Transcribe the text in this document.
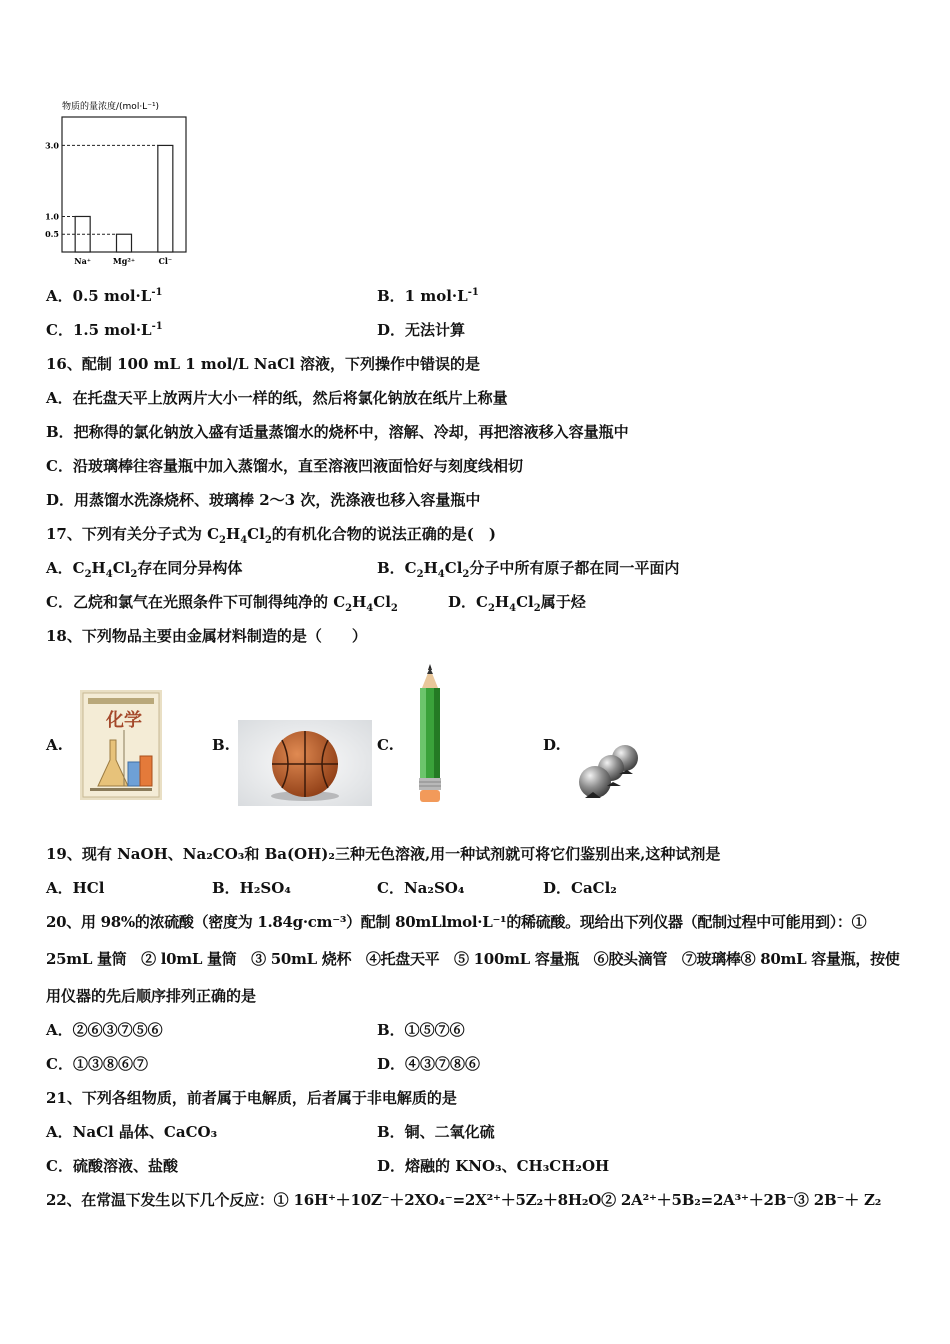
物质的量浓度/(mol·L⁻¹)
Na⁺	Mg²⁺	Cl⁻
0.5
1.0
3.0
A．0.5 $mol\cdot L^{-1}$	B．1 $mol\cdot L^{-1}$
C．1.5 $mol\cdot L^{-1}$	D．无法计算
16、配制 100 mL 1 mol/L NaCl 溶液，下列操作中错误的是
A．在托盘天平上放两片大小一样的纸，然后将氯化钠放在纸片上称量
B．把称得的氯化钠放入盛有适量蒸馏水的烧杯中，溶解、冷却，再把溶液移入容量瓶中
C．沿玻璃棒往容量瓶中加入蒸馏水，直至溶液凹液面恰好与刻度线相切
D．用蒸馏水洗涤烧杯、玻璃棒 2～3 次，洗涤液也移入容量瓶中
17、下列有关分子式为 $C_2H_4Cl_2$的有机化合物的说法正确的是(　)
A．$C_2H_4Cl_2$存在同分异构体	B．$C_2H_4Cl_2$分子中所有原子都在同一平面内
C．乙烷和氯气在光照条件下可制得纯净的 $C_2H_4Cl_2$	D．$C_2H_4Cl_2$属于烃
18、下列物品主要由金属材料制造的是（　　）
A.	B.	C.	D.
化学
19、现有 NaOH、Na₂CO₃和 Ba(OH)₂三种无色溶液,用一种试剂就可将它们鉴别出来,这种试剂是
A．HCl	B．H₂SO₄	C．Na₂SO₄	D．CaCl₂
20、用 98%的浓硫酸（密度为 1.84g·cm⁻³）配制 80mLlmol·L⁻¹的稀硫酸。现给出下列仪器（配制过程中可能用到）：①
25mL 量筒　② l0mL 量筒　③ 50mL 烧杯　④托盘天平　⑤ 100mL 容量瓶　⑥胶头滴管　⑦玻璃棒⑧ 80mL 容量瓶，按使
用仪器的先后顺序排列正确的是
A．②⑥③⑦⑤⑥	B．①⑤⑦⑥
C．①③⑧⑥⑦	D．④③⑦⑧⑥
21、下列各组物质，前者属于电解质，后者属于非电解质的是
A．NaCl 晶体、CaCO₃	B．铜、二氧化硫
C．硫酸溶液、盐酸	D．熔融的 KNO₃、CH₃CH₂OH
22、在常温下发生以下几个反应：① 16H⁺＋10Z⁻＋2XO₄⁻=2X²⁺＋5Z₂＋8H₂O② 2A²⁺＋5B₂=2A³⁺＋2B⁻③ 2B⁻＋ Z₂
